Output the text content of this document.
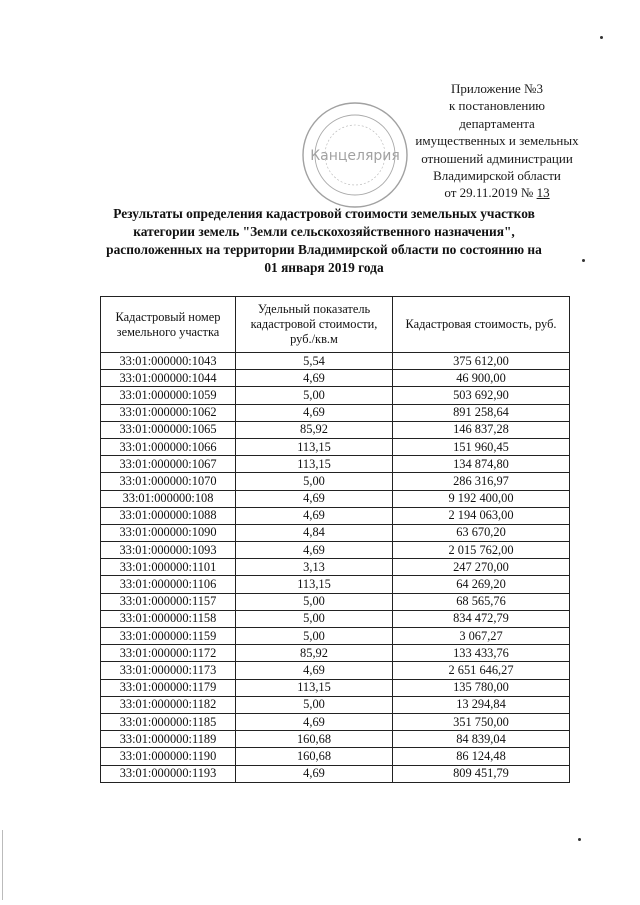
Приложение №3
к постановлению
департамента
имущественных и земельных
отношений администрации
Владимирской области
от 29.11.2019 № 13
Канцелярия
Результаты определения кадастровой стоимости земельных участков
категории земель "Земли сельскохозяйственного назначения",
расположенных на территории Владимирской области по состоянию на
01 января 2019 года
Кадастровый номер земельного участка	Удельный показатель кадастровой стоимости, руб./кв.м	Кадастровая стоимость, руб.
33:01:000000:1043	5,54	375 612,00
33:01:000000:1044	4,69	46 900,00
33:01:000000:1059	5,00	503 692,90
33:01:000000:1062	4,69	891 258,64
33:01:000000:1065	85,92	146 837,28
33:01:000000:1066	113,15	151 960,45
33:01:000000:1067	113,15	134 874,80
33:01:000000:1070	5,00	286 316,97
33:01:000000:108	4,69	9 192 400,00
33:01:000000:1088	4,69	2 194 063,00
33:01:000000:1090	4,84	63 670,20
33:01:000000:1093	4,69	2 015 762,00
33:01:000000:1101	3,13	247 270,00
33:01:000000:1106	113,15	64 269,20
33:01:000000:1157	5,00	68 565,76
33:01:000000:1158	5,00	834 472,79
33:01:000000:1159	5,00	3 067,27
33:01:000000:1172	85,92	133 433,76
33:01:000000:1173	4,69	2 651 646,27
33:01:000000:1179	113,15	135 780,00
33:01:000000:1182	5,00	13 294,84
33:01:000000:1185	4,69	351 750,00
33:01:000000:1189	160,68	84 839,04
33:01:000000:1190	160,68	86 124,48
33:01:000000:1193	4,69	809 451,79
